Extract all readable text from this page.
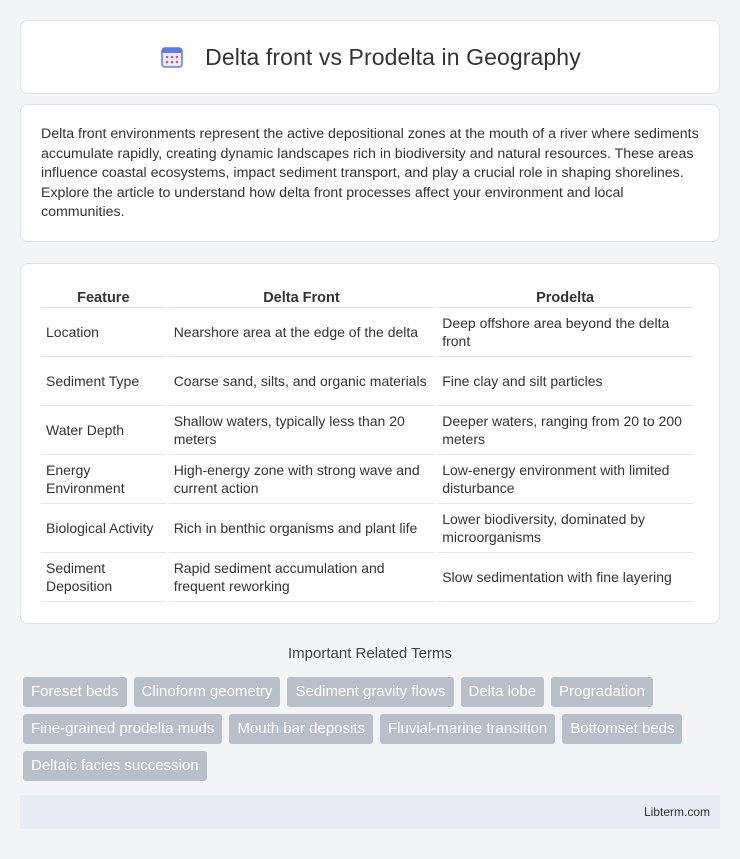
Delta front vs Prodelta in Geography

Delta front environments represent the active depositional zones at the mouth of a river where sediments accumulate rapidly, creating dynamic landscapes rich in biodiversity and natural resources. These areas influence coastal ecosystems, impact sediment transport, and play a crucial role in shaping shorelines. Explore the article to understand how delta front processes affect your environment and local communities.

Feature	Delta Front	Prodelta
Location	Nearshore area at the edge of the delta	Deep offshore area beyond the delta front
Sediment Type	Coarse sand, silts, and organic materials	Fine clay and silt particles
Water Depth	Shallow waters, typically less than 20 meters	Deeper waters, ranging from 20 to 200 meters
Energy Environment	High-energy zone with strong wave and current action	Low-energy environment with limited disturbance
Biological Activity	Rich in benthic organisms and plant life	Lower biodiversity, dominated by microorganisms
Sediment Deposition	Rapid sediment accumulation and frequent reworking	Slow sedimentation with fine layering
Important Related Terms
Foreset beds	Clinoform geometry	Sediment gravity flows	Delta lobe	Progradation
Fine-grained prodelta muds	Mouth bar deposits	Fluvial-marine transition	Bottomset beds
Deltaic facies succession
Libterm.com
